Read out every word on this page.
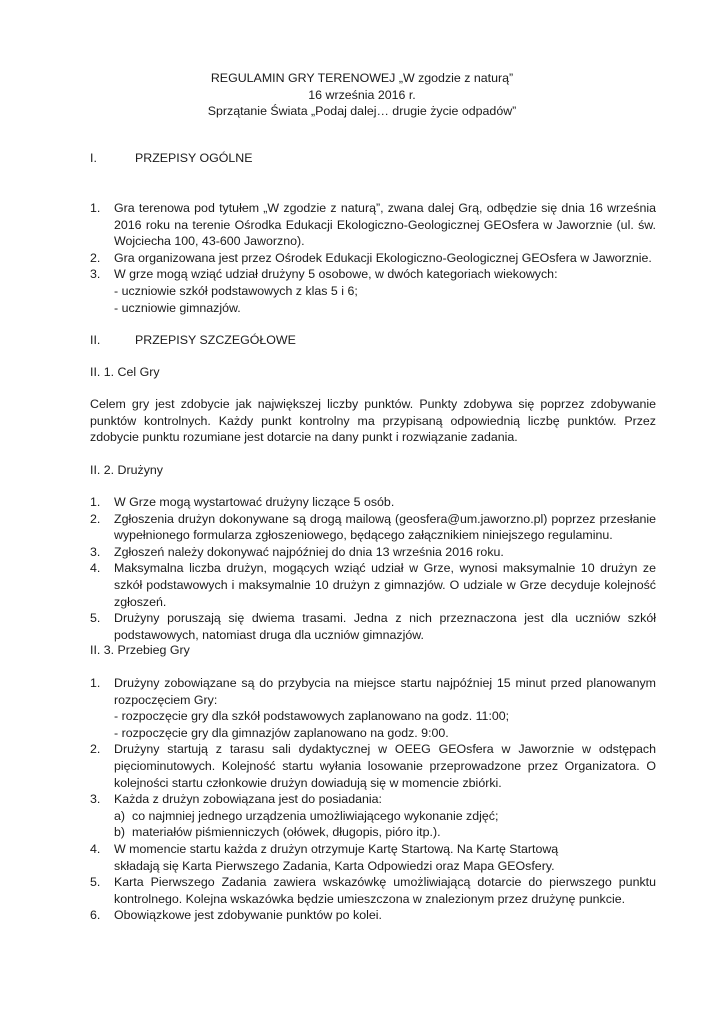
REGULAMIN GRY TERENOWEJ „W zgodzie z naturą”
16 września 2016 r.
Sprzątanie Świata „Podaj dalej… drugie życie odpadów”
I.	PRZEPISY OGÓLNE
1. Gra terenowa pod tytułem „W zgodzie z naturą”, zwana dalej Grą, odbędzie się dnia 16 września 2016 roku na terenie Ośrodka Edukacji Ekologiczno-Geologicznej GEOsfera w Jaworznie (ul. św. Wojciecha 100, 43-600 Jaworzno).
2. Gra organizowana jest przez Ośrodek Edukacji Ekologiczno-Geologicznej GEOsfera w Jaworznie.
3. W grze mogą wziąć udział drużyny 5 osobowe, w dwóch kategoriach wiekowych:
- uczniowie szkół podstawowych z klas 5 i 6;
- uczniowie gimnazjów.
II.	PRZEPISY SZCZEGÓŁOWE
II. 1. Cel Gry

Celem gry jest zdobycie jak największej liczby punktów. Punkty zdobywa się poprzez zdobywanie punktów kontrolnych. Każdy punkt kontrolny ma przypisaną odpowiednią liczbę punktów. Przez zdobycie punktu rozumiane jest dotarcie na dany punkt i rozwiązanie zadania.

II. 2. Drużyny
1. W Grze mogą wystartować drużyny liczące 5 osób.
2. Zgłoszenia drużyn dokonywane są drogą mailową (geosfera@um.jaworzno.pl) poprzez przesłanie wypełnionego formularza zgłoszeniowego, będącego załącznikiem niniejszego regulaminu.
3. Zgłoszeń należy dokonywać najpóźniej do dnia 13 września 2016 roku.
4. Maksymalna liczba drużyn, mogących wziąć udział w Grze, wynosi maksymalnie 10 drużyn ze szkół podstawowych i maksymalnie 10 drużyn z gimnazjów. O udziale w Grze decyduje kolejność zgłoszeń.
5. Drużyny poruszają się dwiema trasami. Jedna z nich przeznaczona jest dla uczniów szkół podstawowych, natomiast druga dla uczniów gimnazjów.
II. 3. Przebieg Gry
1. Drużyny zobowiązane są do przybycia na miejsce startu najpóźniej 15 minut przed planowanym rozpoczęciem Gry:
- rozpoczęcie gry dla szkół podstawowych zaplanowano na godz. 11:00;
- rozpoczęcie gry dla gimnazjów zaplanowano na godz. 9:00.
2. Drużyny startują z tarasu sali dydaktycznej w OEEG GEOsfera w Jaworznie w odstępach pięciominutowych. Kolejność startu wyłania losowanie przeprowadzone przez Organizatora. O kolejności startu członkowie drużyn dowiadują się w momencie zbiórki.
3. Każda z drużyn zobowiązana jest do posiadania:
a) co najmniej jednego urządzenia umożliwiającego wykonanie zdjęć;
b) materiałów piśmienniczych (ołówek, długopis, pióro itp.).
4. W momencie startu każda z drużyn otrzymuje Kartę Startową. Na Kartę Startową
składają się Karta Pierwszego Zadania, Karta Odpowiedzi oraz Mapa GEOsfery.
5. Karta Pierwszego Zadania zawiera wskazówkę umożliwiającą dotarcie do pierwszego punktu kontrolnego. Kolejna wskazówka będzie umieszczona w znalezionym przez drużynę punkcie.
6. Obowiązkowe jest zdobywanie punktów po kolei.
